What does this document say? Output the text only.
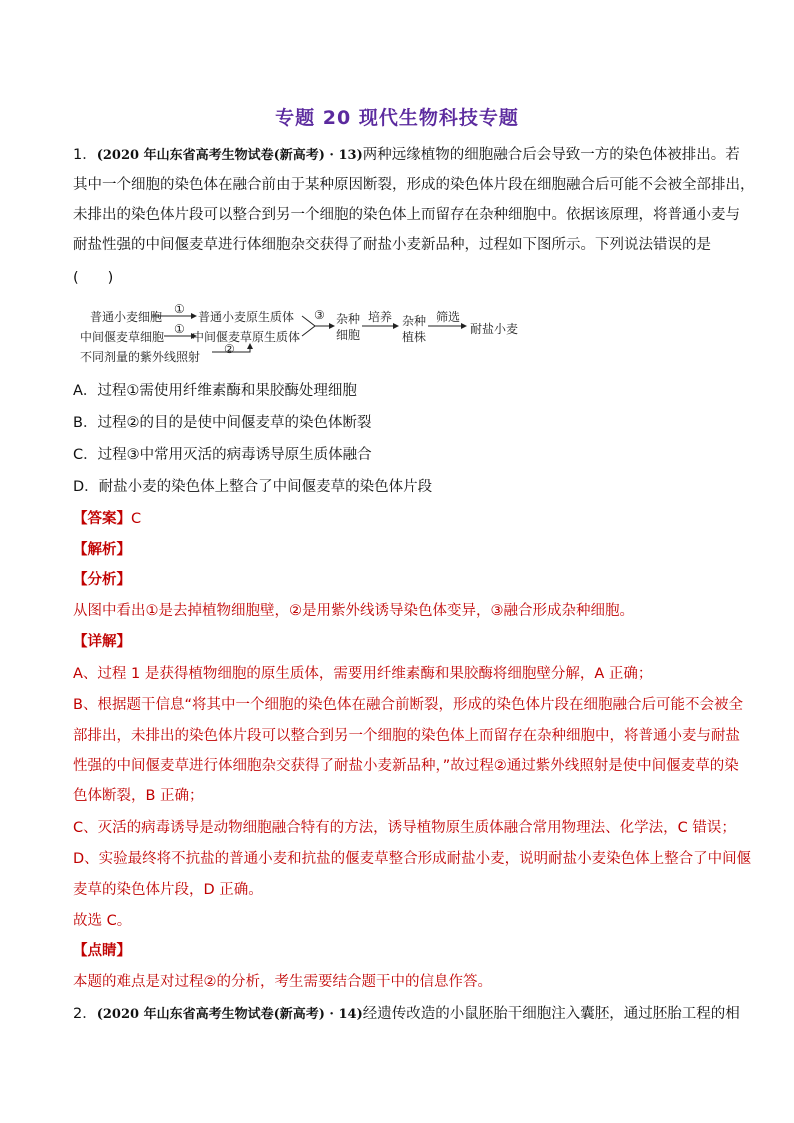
专题 20 现代生物科技专题
1．(2020 年山东省高考生物试卷(新高考) · 13)两种远缘植物的细胞融合后会导致一方的染色体被排出。若
其中一个细胞的染色体在融合前由于某种原因断裂，形成的染色体片段在细胞融合后可能不会被全部排出，
未排出的染色体片段可以整合到另一个细胞的染色体上而留存在杂种细胞中。依据该原理，将普通小麦与
耐盐性强的中间偃麦草进行体细胞杂交获得了耐盐小麦新品种，过程如下图所示。下列说法错误的是
(　　)
普通小麦细胞
①
普通小麦原生质体
中间偃麦草细胞
①
中间偃麦草原生质体
不同剂量的紫外线照射
②
③ 杂种
细胞
培养 杂种
植株
筛选
耐盐小麦
A．过程①需使用纤维素酶和果胶酶处理细胞
B．过程②的目的是使中间偃麦草的染色体断裂
C．过程③中常用灭活的病毒诱导原生质体融合
D．耐盐小麦的染色体上整合了中间偃麦草的染色体片段
【答案】C
【解析】
【分析】
从图中看出①是去掉植物细胞壁，②是用紫外线诱导染色体变异，③融合形成杂种细胞。
【详解】
A、过程 1 是获得植物细胞的原生质体，需要用纤维素酶和果胶酶将细胞壁分解，A 正确；
B、根据题干信息“将其中一个细胞的染色体在融合前断裂，形成的染色体片段在细胞融合后可能不会被全
部排出，未排出的染色体片段可以整合到另一个细胞的染色体上而留存在杂种细胞中，将普通小麦与耐盐
性强的中间偃麦草进行体细胞杂交获得了耐盐小麦新品种，”故过程②通过紫外线照射是使中间偃麦草的染
色体断裂，B 正确；
C、灭活的病毒诱导是动物细胞融合特有的方法，诱导植物原生质体融合常用物理法、化学法，C 错误；
D、实验最终将不抗盐的普通小麦和抗盐的偃麦草整合形成耐盐小麦，说明耐盐小麦染色体上整合了中间偃
麦草的染色体片段，D 正确。
故选 C。
【点睛】
本题的难点是对过程②的分析，考生需要结合题干中的信息作答。
2．(2020 年山东省高考生物试卷(新高考) · 14)经遗传改造的小鼠胚胎干细胞注入囊胚，通过胚胎工程的相
